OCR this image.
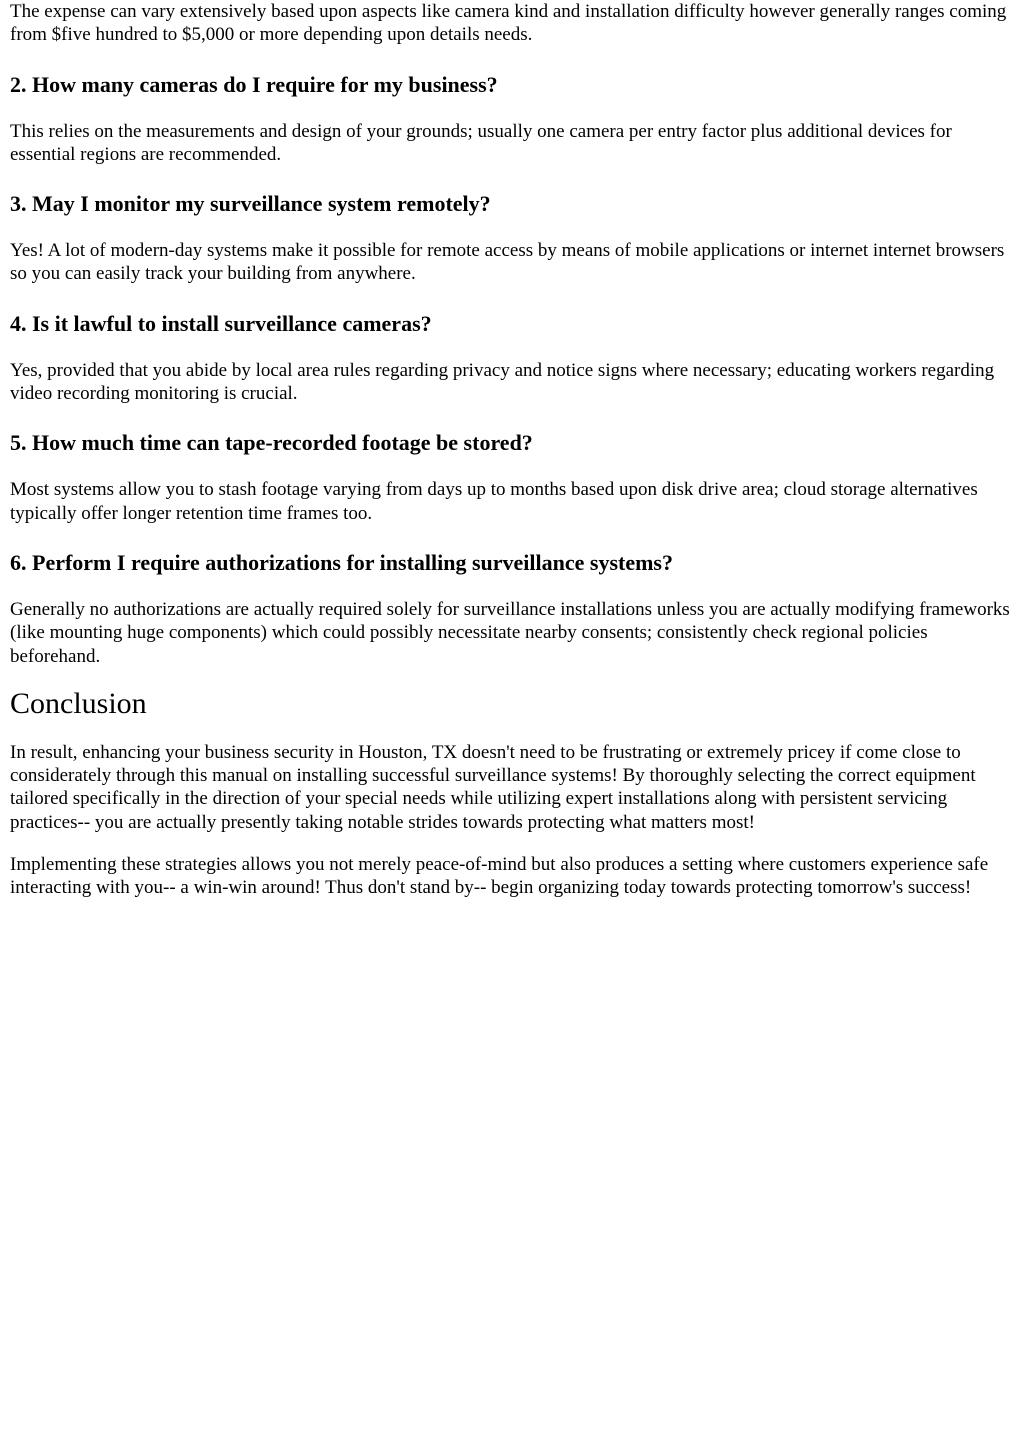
The expense can vary extensively based upon aspects like camera kind and installation difficulty however generally ranges coming from $five hundred to $5,000 or more depending upon details needs.

2. How many cameras do I require for my business?

This relies on the measurements and design of your grounds; usually one camera per entry factor plus additional devices for essential regions are recommended.

3. May I monitor my surveillance system remotely?

Yes! A lot of modern-day systems make it possible for remote access by means of mobile applications or internet internet browsers so you can easily track your building from anywhere.

4. Is it lawful to install surveillance cameras?

Yes, provided that you abide by local area rules regarding privacy and notice signs where necessary; educating workers regarding video recording monitoring is crucial.

5. How much time can tape-recorded footage be stored?

Most systems allow you to stash footage varying from days up to months based upon disk drive area; cloud storage alternatives typically offer longer retention time frames too.

6. Perform I require authorizations for installing surveillance systems?

Generally no authorizations are actually required solely for surveillance installations unless you are actually modifying frameworks (like mounting huge components) which could possibly necessitate nearby consents; consistently check regional policies beforehand.

Conclusion

In result, enhancing your business security in Houston, TX doesn't need to be frustrating or extremely pricey if come close to considerately through this manual on installing successful surveillance systems! By thoroughly selecting the correct equipment tailored specifically in the direction of your special needs while utilizing expert installations along with persistent servicing practices-- you are actually presently taking notable strides towards protecting what matters most!

Implementing these strategies allows you not merely peace-of-mind but also produces a setting where customers experience safe interacting with you-- a win-win around! Thus don't stand by-- begin organizing today towards protecting tomorrow's success!
